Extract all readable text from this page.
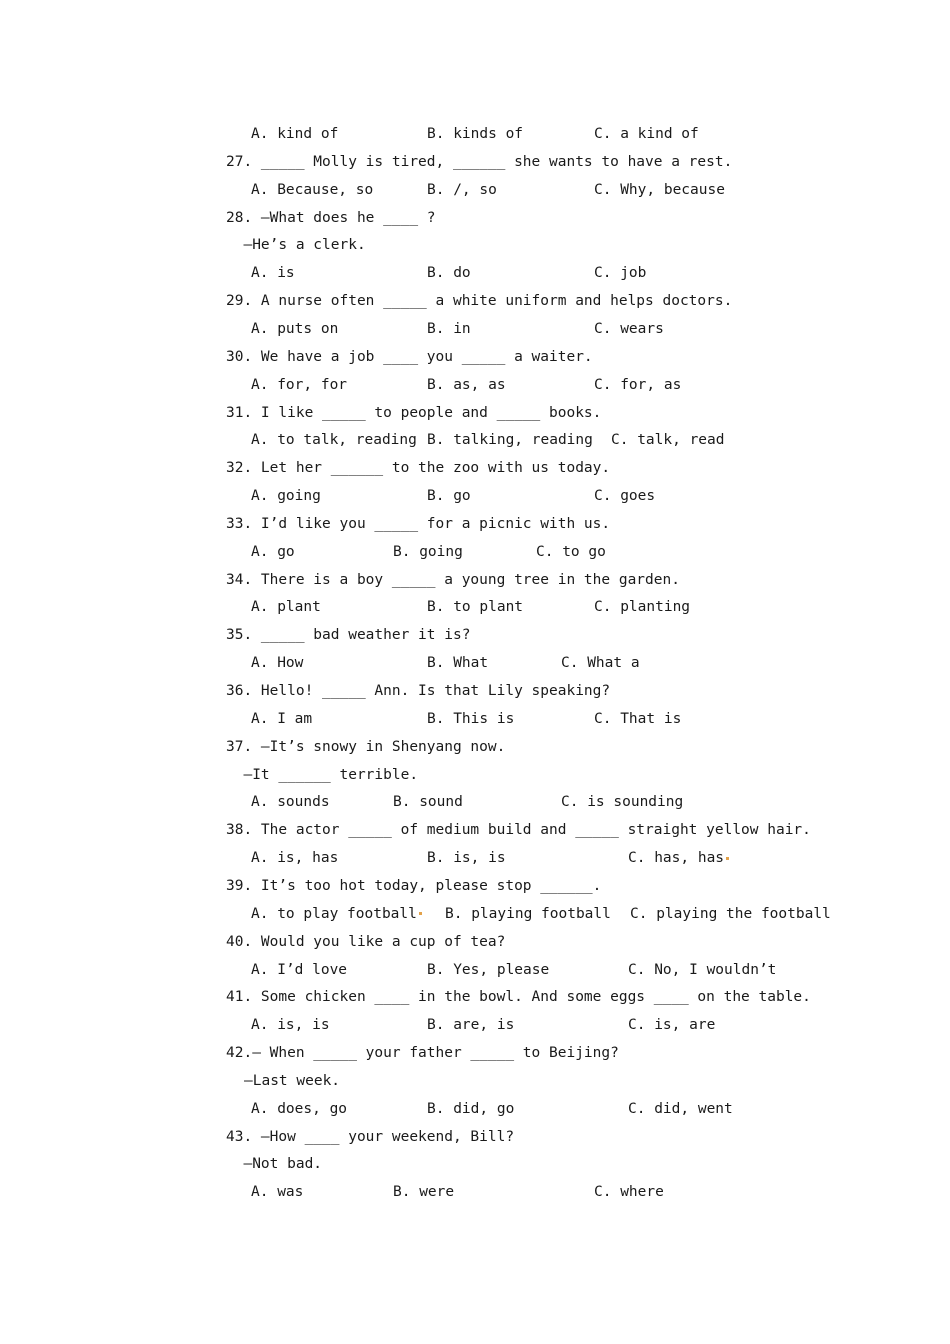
A. kind of	B. kinds of	C. a kind of
27. _____ Molly is tired, ______ she wants to have a rest.
A. Because, so	B. /, so	C. Why, because
28. —What does he ____ ?
—He’s a clerk.
A. is	B. do	C. job
29. A nurse often _____ a white uniform and helps doctors.
A. puts on	B. in	C. wears
30. We have a job ____ you _____ a waiter.
A. for, for	B. as, as	C. for, as
31. I like _____ to people and _____ books.
A. to talk, reading B. talking, reading C. talk, read
32. Let her ______ to the zoo with us today.
A. going	B. go	C. goes
33. I’d like you _____ for a picnic with us.
A. go	B. going	C. to go
34. There is a boy _____ a young tree in the garden.
A. plant	B. to plant	C. planting
35. _____ bad weather it is?
A. How	B. What	C. What a
36. Hello! _____ Ann. Is that Lily speaking?
A. I am	B. This is	C. That is
37. —It’s snowy in Shenyang now.
—It ______ terrible.
A. sounds	B. sound	C. is sounding
38. The actor _____ of medium build and _____ straight yellow hair.
A. is, has	B. is, is	C. has, has
39. It’s too hot today, please stop ______.
A. to play football	B. playing football C. playing the football
40. Would you like a cup of tea?
A. I’d love	B. Yes, please	C. No, I wouldn’t
41. Some chicken ____ in the bowl. And some eggs ____ on the table.
A. is, is	B. are, is	C. is, are
42.— When _____ your father _____ to Beijing?
—Last week.
A. does, go	B. did, go	C. did, went
43. —How ____ your weekend, Bill?
—Not bad.
A. was	B. were	C. where
